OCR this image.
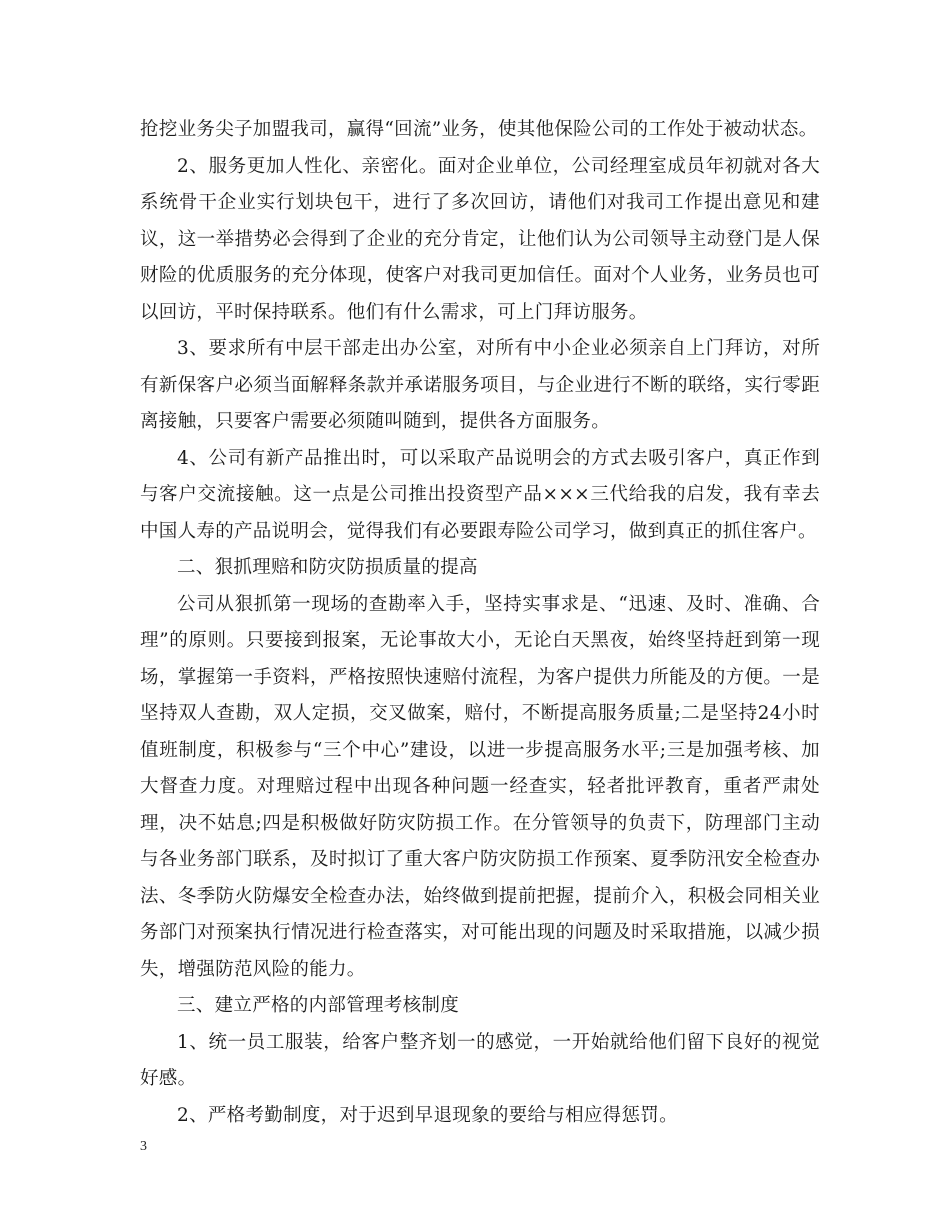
抢挖业务尖子加盟我司，赢得“回流”业务，使其他保险公司的工作处于被动状态。

2、服务更加人性化、亲密化。面对企业单位，公司经理室成员年初就对各大系统骨干企业实行划块包干，进行了多次回访，请他们对我司工作提出意见和建议，这一举措势必会得到了企业的充分肯定，让他们认为公司领导主动登门是人保财险的优质服务的充分体现，使客户对我司更加信任。面对个人业务，业务员也可以回访，平时保持联系。他们有什么需求，可上门拜访服务。

3、要求所有中层干部走出办公室，对所有中小企业必须亲自上门拜访，对所有新保客户必须当面解释条款并承诺服务项目，与企业进行不断的联络，实行零距离接触，只要客户需要必须随叫随到，提供各方面服务。

4、公司有新产品推出时，可以采取产品说明会的方式去吸引客户，真正作到与客户交流接触。这一点是公司推出投资型产品×××三代给我的启发，我有幸去中国人寿的产品说明会，觉得我们有必要跟寿险公司学习，做到真正的抓住客户。

二、狠抓理赔和防灾防损质量的提高

公司从狠抓第一现场的查勘率入手，坚持实事求是、“迅速、及时、准确、合理”的原则。只要接到报案，无论事故大小，无论白天黑夜，始终坚持赶到第一现场，掌握第一手资料，严格按照快速赔付流程，为客户提供力所能及的方便。一是坚持双人查勘，双人定损，交叉做案，赔付，不断提高服务质量;二是坚持24小时值班制度，积极参与“三个中心”建设，以进一步提高服务水平;三是加强考核、加大督查力度。对理赔过程中出现各种问题一经查实，轻者批评教育，重者严肃处理，决不姑息;四是积极做好防灾防损工作。在分管领导的负责下，防理部门主动与各业务部门联系，及时拟订了重大客户防灾防损工作预案、夏季防汛安全检查办法、冬季防火防爆安全检查办法，始终做到提前把握，提前介入，积极会同相关业务部门对预案执行情况进行检查落实，对可能出现的问题及时采取措施，以减少损失，增强防范风险的能力。

三、建立严格的内部管理考核制度

1、统一员工服装，给客户整齐划一的感觉，一开始就给他们留下良好的视觉好感。

2、严格考勤制度，对于迟到早退现象的要给与相应得惩罚。

3
